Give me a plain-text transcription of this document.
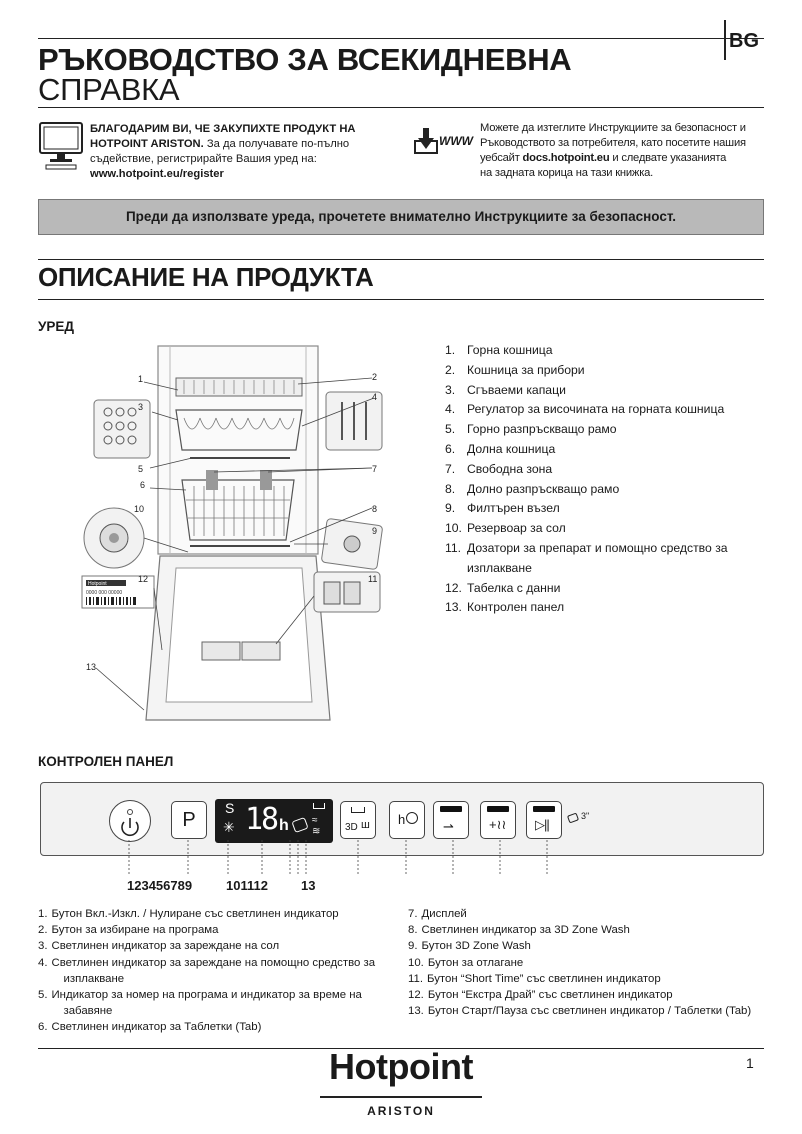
BG
РЪКОВОДСТВО ЗА ВСЕКИДНЕВНА
СПРАВКА
БЛАГОДАРИМ ВИ, ЧЕ ЗАКУПИХТЕ ПРОДУКТ НА
HOTPOINT ARISTON. За да получавате по-пълно
съдействие, регистрирайте Вашия уред на:
www.hotpoint.eu/register
WWW
Можете да изтеглите Инструкциите за безопасност и
Ръководството за потребителя, като посетите нашия
уебсайт docs.hotpoint.eu и следвате указанията
на задната корица на тази книжка.
Преди да използвате уреда, прочетете внимателно Инструкциите за безопасност.
ОПИСАНИЕ НА ПРОДУКТА
УРЕД
Hotpoint
0000 000 00000
1	2
3
4
5
6
7
8
9
10
11
12
13
1. Горна кошница
2. Кошница за прибори
3. Сгъваеми капаци
4. Регулатор за височината на горната кошница
5. Горно разпръскващо рамо
6. Долна кошница
7. Свободна зона
8. Долно разпръскващо рамо
9. Филтърен възел
10. Резервоар за сол
11. Дозатори за препарат и помощно средство за изплакване
12. Табелка с данни
13. Контролен панел
КОНТРОЛЕН ПАНЕЛ
P
S
✳ 18 h ≈
≋ 3D ш h	⇀	+≀≀ ▷||
3"
123456789	101112	13
1. Бутон Вкл.-Изкл. / Нулиране със светлинен индикатор
2. Бутон за избиране на програма
3. Светлинен индикатор за зареждане на сол
4. Светлинен индикатор за зареждане на помощно средство за
изплакване
5. Индикатор за номер на програма и индикатор за време на
забавяне
6. Светлинен индикатор за Таблетки (Tab)
7. Дисплей
8. Светлинен индикатор за 3D Zone Wash
9. Бутон 3D Zone Wash
10. Бутон за отлагане
11. Бутон “Short Time” със светлинен индикатор
12. Бутон “Екстра Драй” със светлинен индикатор
13. Бутон Старт/Пауза със светлинен индикатор / Таблетки (Tab)
Hotpoint
ARISTON
1
